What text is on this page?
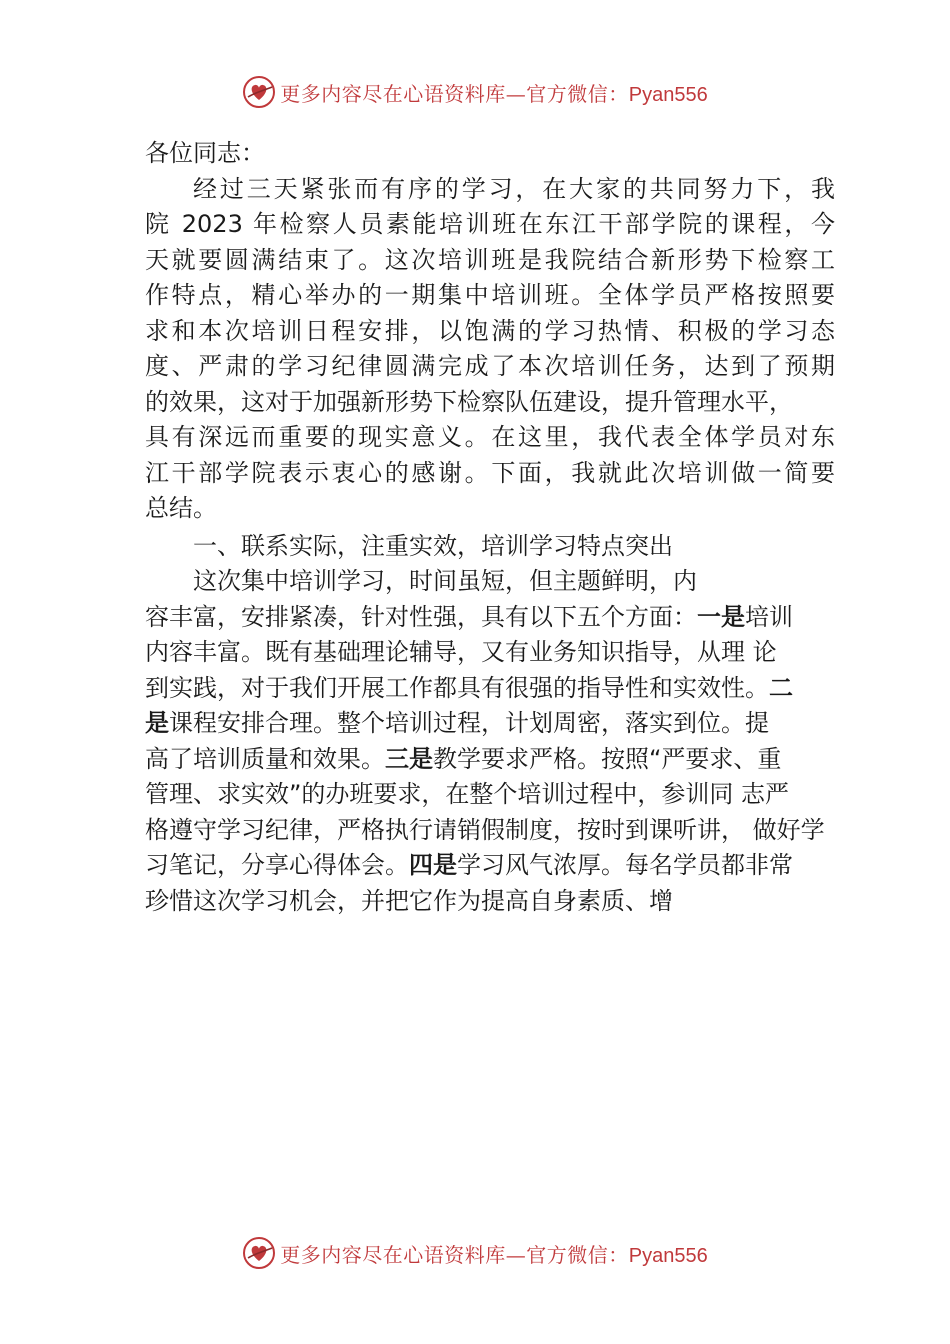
更多内容尽在心语资料库—官方微信：Pyan556
各位同志：
经过三天紧张而有序的学习，在大家的共同努力下，我
院 2023 年检察人员素能培训班在东江干部学院的课程，今
天就要圆满结束了。这次培训班是我院结合新形势下检察工
作特点，精心举办的一期集中培训班。全体学员严格按照要
求和本次培训日程安排，以饱满的学习热情、积极的学习态
度、严肃的学习纪律圆满完成了本次培训任务，达到了预期
的效果，这对于加强新形势下检察队伍建设，提升管理水平，
具有深远而重要的现实意义。在这里，我代表全体学员对东
江干部学院表示衷心的感谢。下面，我就此次培训做一简要
总结。
一、联系实际，注重实效，培训学习特点突出
这次集中培训学习，时间虽短，但主题鲜明，内
容丰富，安排紧凑，针对性强，具有以下五个方面：一是培训
内容丰富。既有基础理论辅导，又有业务知识指导，从理 论
到实践，对于我们开展工作都具有很强的指导性和实效性。二
是课程安排合理。整个培训过程，计划周密，落实到位。提
高了培训质量和效果。三是教学要求严格。按照“严要求、重
管理、求实效”的办班要求，在整个培训过程中，参训同 志严
格遵守学习纪律，严格执行请销假制度，按时到课听讲， 做好学
习笔记，分享心得体会。四是学习风气浓厚。每名学员都非常
珍惜这次学习机会，并把它作为提高自身素质、增
更多内容尽在心语资料库—官方微信：Pyan556
